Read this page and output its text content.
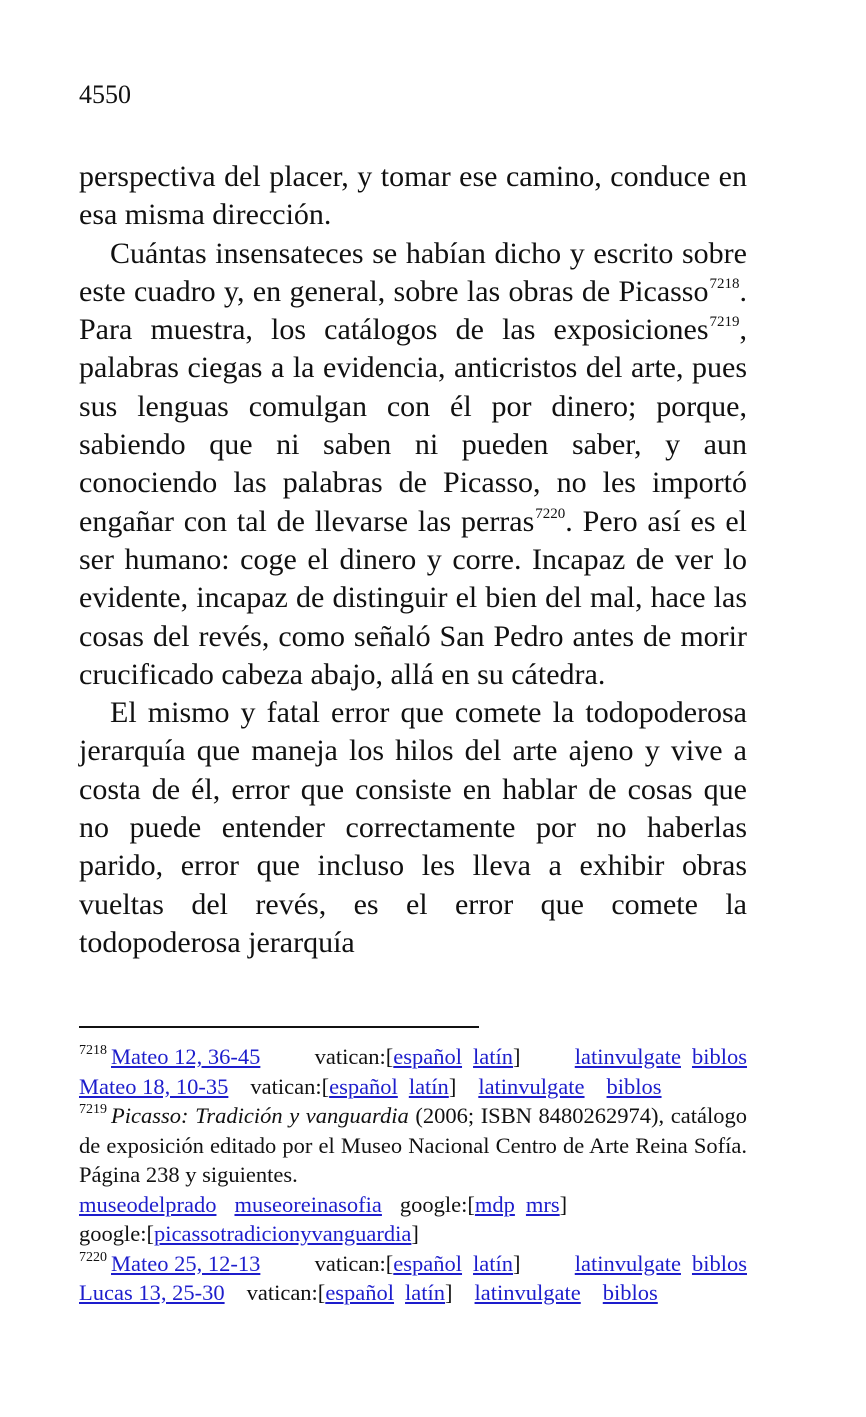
4550

perspectiva del placer, y tomar ese camino, conduce en esa misma dirección.

Cuántas insensateces se habían dicho y escrito sobre este cuadro y, en general, sobre las obras de Picasso$^{7218}$. Para muestra, los catálogos de las exposiciones$^{7219}$, palabras ciegas a la evidencia, anticristos del arte, pues sus lenguas comulgan con él por dinero; porque, sabiendo que ni saben ni pueden saber, y aun conociendo las palabras de Picasso, no les importó engañar con tal de llevarse las perras$^{7220}$. Pero así es el ser humano: coge el dinero y corre. Incapaz de ver lo evidente, incapaz de distinguir el bien del mal, hace las cosas del revés, como señaló San Pedro antes de morir crucificado cabeza abajo, allá en su cátedra.

El mismo y fatal error que comete la todopoderosa jerarquía que maneja los hilos del arte ajeno y vive a costa de él, error que consiste en hablar de cosas que no puede entender correctamente por no haberlas parido, error que incluso les lleva a exhibir obras vueltas del revés, es el error que comete la todopoderosa jerarquía

$^{7218}$ Mateo 12, 36-45 vatican:[español latín] latinvulgate biblos
Mateo 18, 10-35 vatican:[español latín] latinvulgate biblos
$^{7219}$ Picasso: Tradición y vanguardia (2006; ISBN 8480262974), catálogo de exposición editado por el Museo Nacional Centro de Arte Reina Sofía. Página 238 y siguientes.
museodelprado museoreinasofia google:[mdp mrs]
google:[picassotradicionyvanguardia]
$^{7220}$ Mateo 25, 12-13 vatican:[español latín] latinvulgate biblos
Lucas 13, 25-30 vatican:[español latín] latinvulgate biblos
